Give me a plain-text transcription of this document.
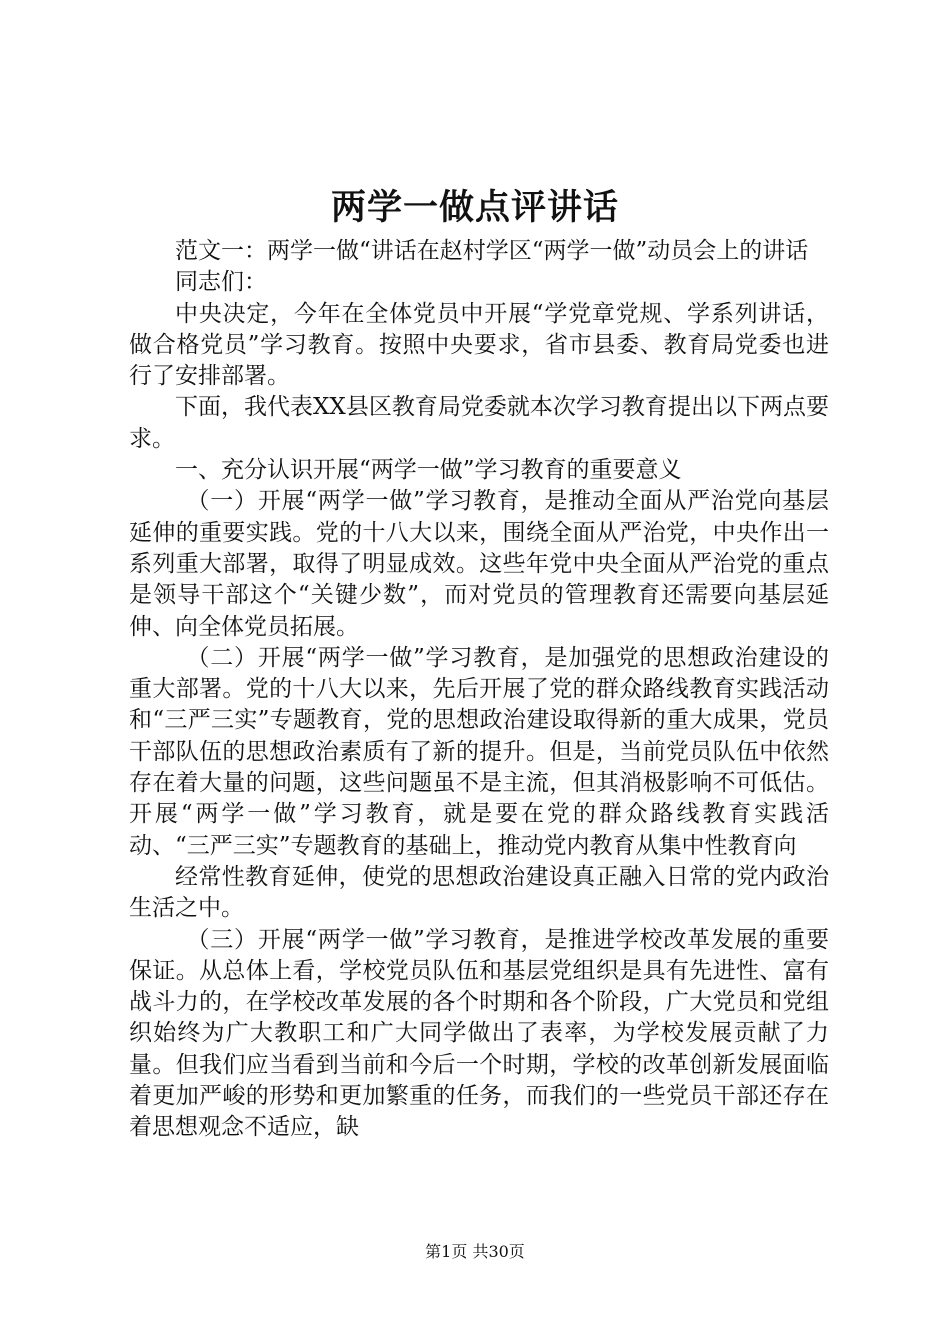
两学一做点评讲话

范文一：两学一做“讲话在赵村学区“两学一做”动员会上的讲话

同志们：

中央决定，今年在全体党员中开展“学党章党规、学系列讲话，做合格党员”学习教育。按照中央要求，省市县委、教育局党委也进行了安排部署。

下面，我代表XX县区教育局党委就本次学习教育提出以下两点要求。

一、充分认识开展“两学一做”学习教育的重要意义

（一）开展“两学一做”学习教育，是推动全面从严治党向基层延伸的重要实践。党的十八大以来，围绕全面从严治党，中央作出一系列重大部署，取得了明显成效。这些年党中央全面从严治党的重点是领导干部这个“关键少数”，而对党员的管理教育还需要向基层延伸、向全体党员拓展。

（二）开展“两学一做”学习教育，是加强党的思想政治建设的重大部署。党的十八大以来，先后开展了党的群众路线教育实践活动和“三严三实”专题教育，党的思想政治建设取得新的重大成果，党员干部队伍的思想政治素质有了新的提升。但是，当前党员队伍中依然存在着大量的问题，这些问题虽不是主流，但其消极影响不可低估。开展“两学一做”学习教育，就是要在党的群众路线教育实践活动、“三严三实”专题教育的基础上，推动党内教育从集中性教育向

经常性教育延伸，使党的思想政治建设真正融入日常的党内政治生活之中。

（三）开展“两学一做”学习教育，是推进学校改革发展的重要保证。从总体上看，学校党员队伍和基层党组织是具有先进性、富有战斗力的，在学校改革发展的各个时期和各个阶段，广大党员和党组织始终为广大教职工和广大同学做出了表率，为学校发展贡献了力量。但我们应当看到当前和今后一个时期，学校的改革创新发展面临着更加严峻的形势和更加繁重的任务，而我们的一些党员干部还存在着思想观念不适应，缺

第1页 共30页
